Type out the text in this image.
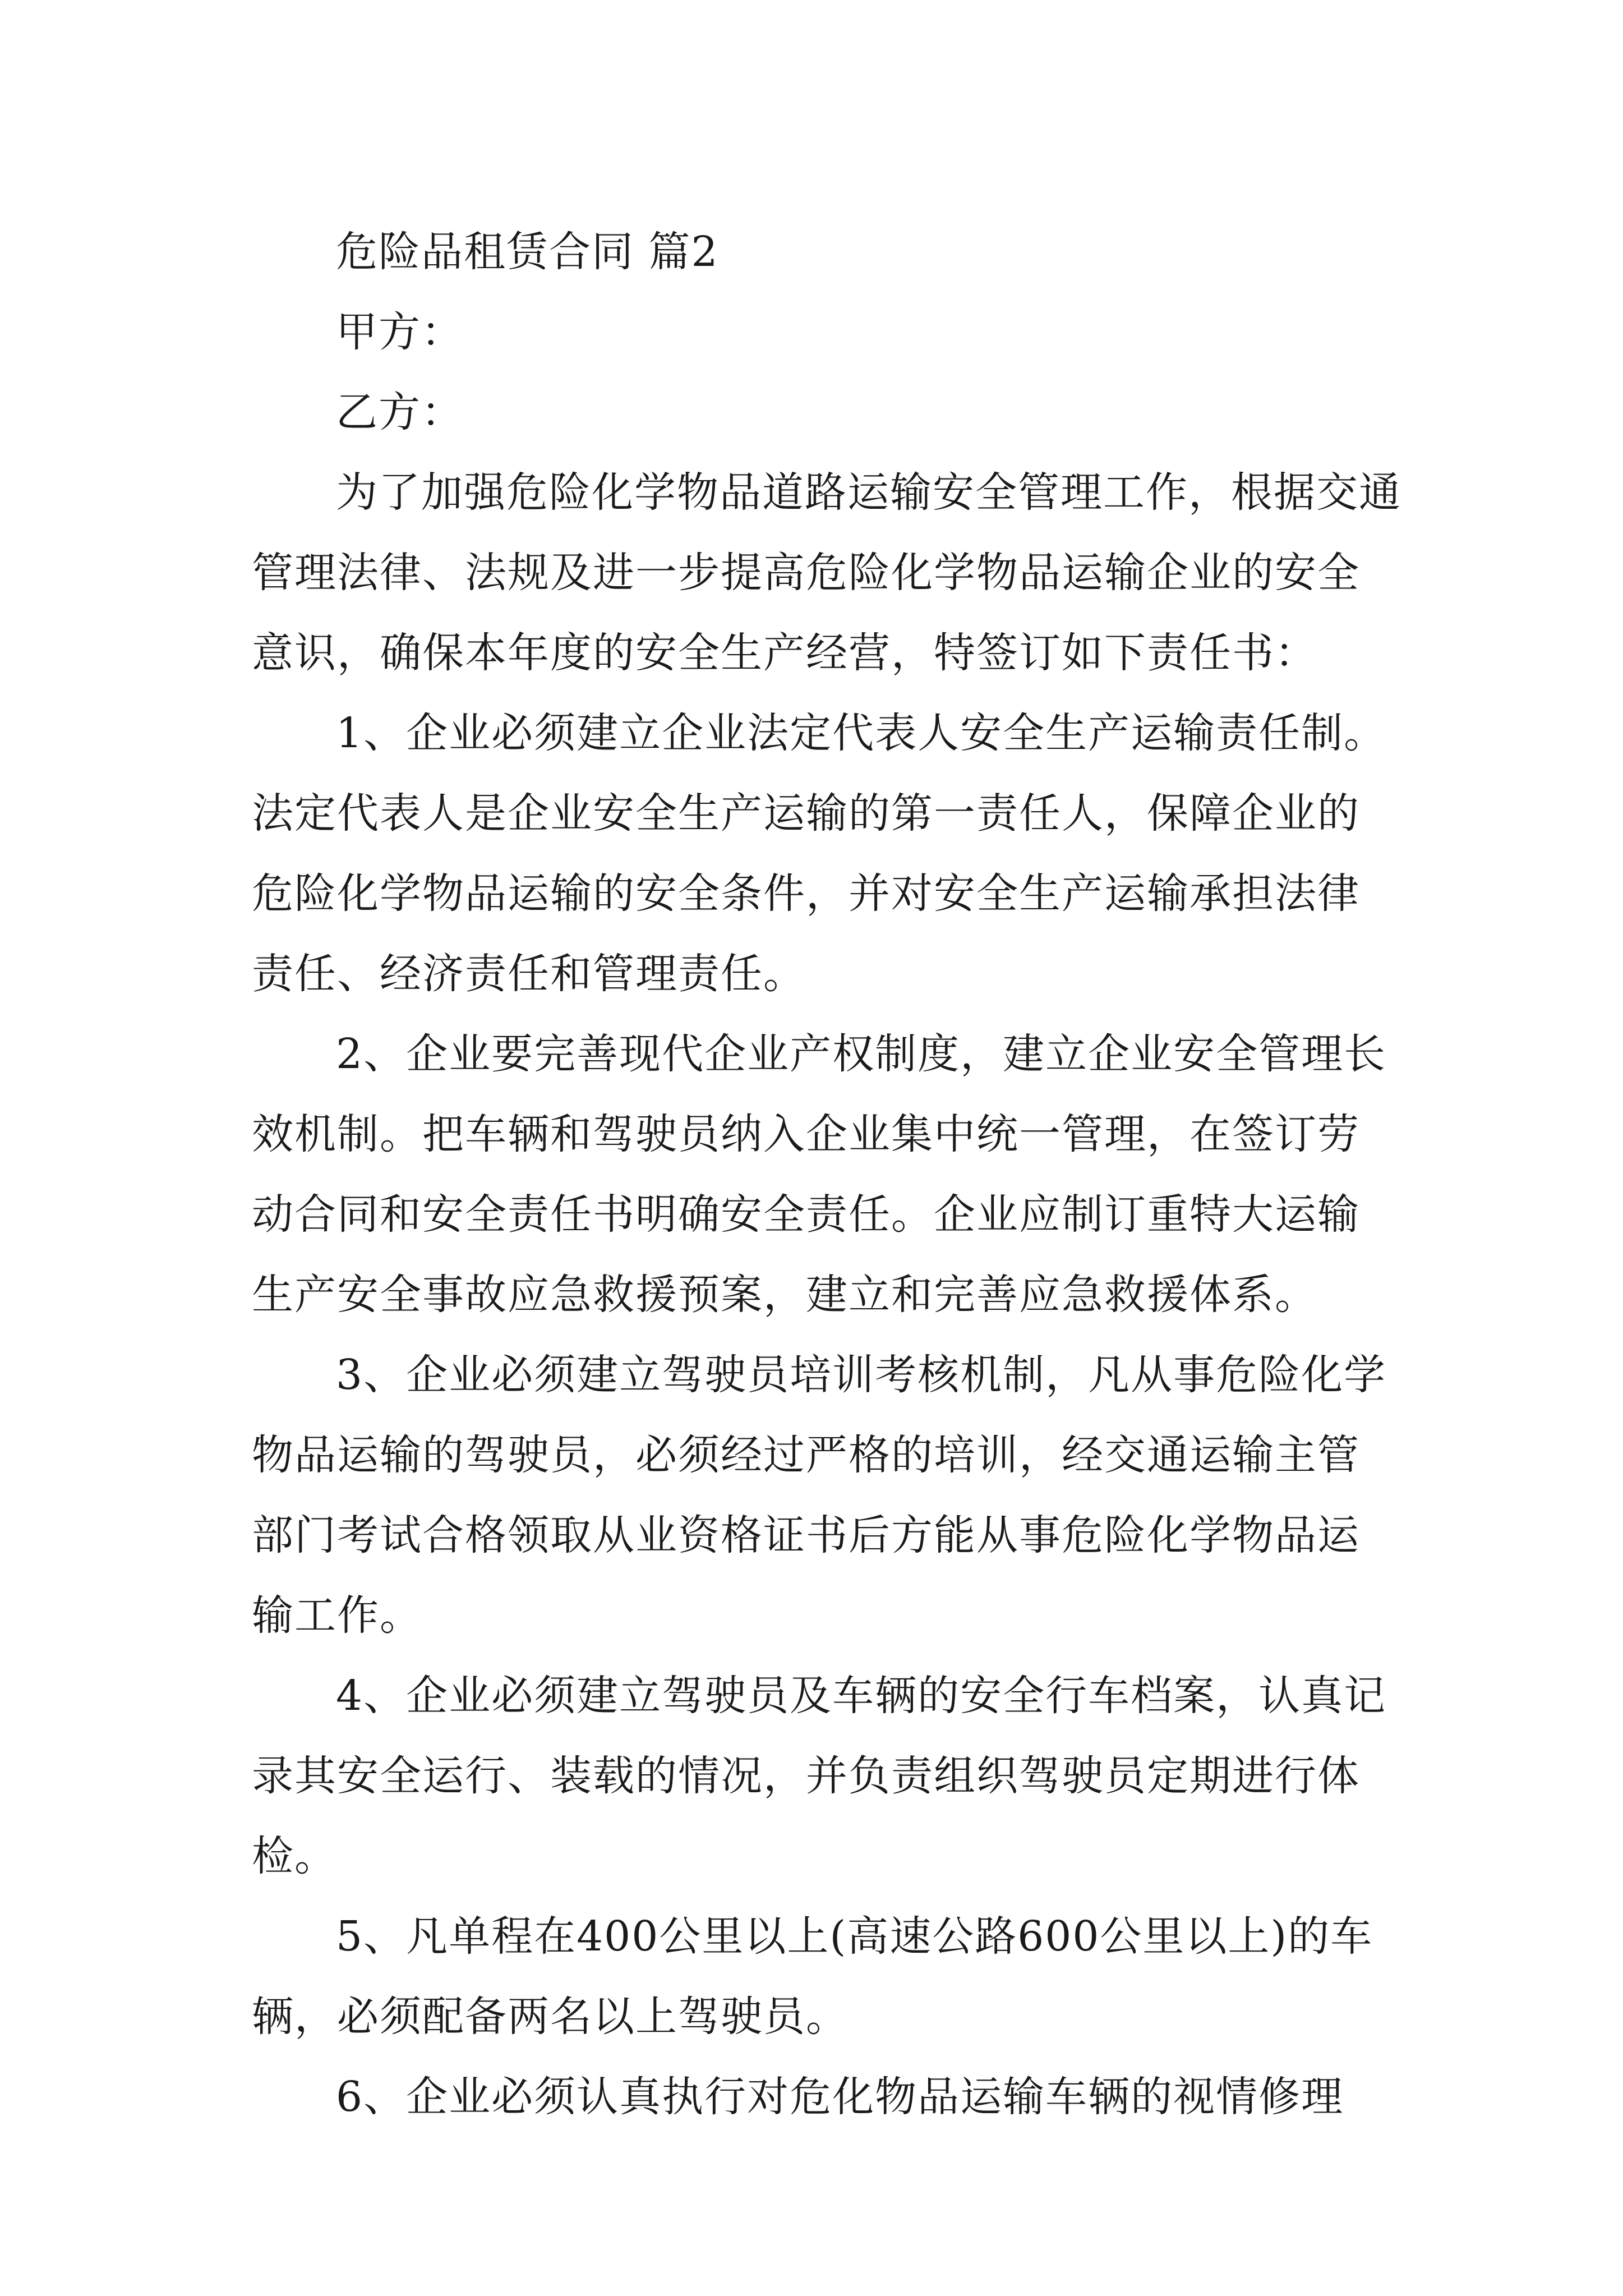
危险品租赁合同 篇2

甲方：

乙方：

为了加强危险化学物品道路运输安全管理工作，根据交通管理法律、法规及进一步提高危险化学物品运输企业的安全意识，确保本年度的安全生产经营，特签订如下责任书：

1、企业必须建立企业法定代表人安全生产运输责任制。法定代表人是企业安全生产运输的第一责任人，保障企业的危险化学物品运输的安全条件，并对安全生产运输承担法律责任、经济责任和管理责任。

2、企业要完善现代企业产权制度，建立企业安全管理长效机制。把车辆和驾驶员纳入企业集中统一管理，在签订劳动合同和安全责任书明确安全责任。企业应制订重特大运输生产安全事故应急救援预案，建立和完善应急救援体系。

3、企业必须建立驾驶员培训考核机制，凡从事危险化学物品运输的驾驶员，必须经过严格的培训，经交通运输主管部门考试合格领取从业资格证书后方能从事危险化学物品运输工作。

4、企业必须建立驾驶员及车辆的安全行车档案，认真记录其安全运行、装载的情况，并负责组织驾驶员定期进行体检。

5、凡单程在400公里以上(高速公路600公里以上)的车辆，必须配备两名以上驾驶员。

6、企业必须认真执行对危化物品运输车辆的视情修理
